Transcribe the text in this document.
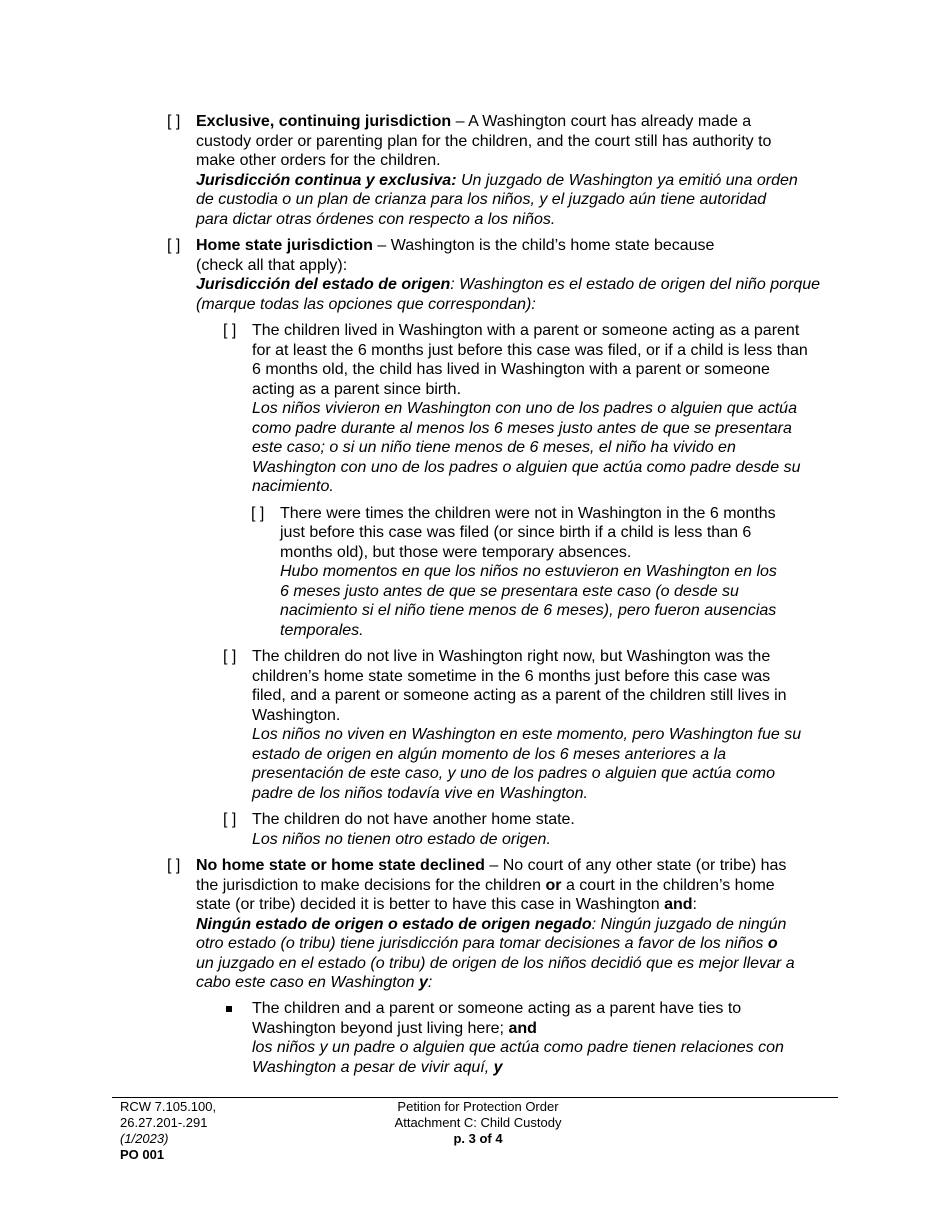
[ ] Exclusive, continuing jurisdiction – A Washington court has already made a
custody order or parenting plan for the children, and the court still has authority to
make other orders for the children.
Jurisdicción continua y exclusiva: Un juzgado de Washington ya emitió una orden
de custodia o un plan de crianza para los niños, y el juzgado aún tiene autoridad
para dictar otras órdenes con respecto a los niños.
[ ] Home state jurisdiction – Washington is the child’s home state because
(check all that apply):
Jurisdicción del estado de origen: Washington es el estado de origen del niño porque
(marque todas las opciones que correspondan):
[ ] The children lived in Washington with a parent or someone acting as a parent
for at least the 6 months just before this case was filed, or if a child is less than
6 months old, the child has lived in Washington with a parent or someone
acting as a parent since birth.
Los niños vivieron en Washington con uno de los padres o alguien que actúa
como padre durante al menos los 6 meses justo antes de que se presentara
este caso; o si un niño tiene menos de 6 meses, el niño ha vivido en
Washington con uno de los padres o alguien que actúa como padre desde su
nacimiento.
[ ] There were times the children were not in Washington in the 6 months
just before this case was filed (or since birth if a child is less than 6
months old), but those were temporary absences.
Hubo momentos en que los niños no estuvieron en Washington en los
6 meses justo antes de que se presentara este caso (o desde su
nacimiento si el niño tiene menos de 6 meses), pero fueron ausencias
temporales.
[ ] The children do not live in Washington right now, but Washington was the
children’s home state sometime in the 6 months just before this case was
filed, and a parent or someone acting as a parent of the children still lives in
Washington.
Los niños no viven en Washington en este momento, pero Washington fue su
estado de origen en algún momento de los 6 meses anteriores a la
presentación de este caso, y uno de los padres o alguien que actúa como
padre de los niños todavía vive en Washington.
[ ] The children do not have another home state.
Los niños no tienen otro estado de origen.
[ ] No home state or home state declined – No court of any other state (or tribe) has
the jurisdiction to make decisions for the children or a court in the children’s home
state (or tribe) decided it is better to have this case in Washington and:
Ningún estado de origen o estado de origen negado: Ningún juzgado de ningún
otro estado (o tribu) tiene jurisdicción para tomar decisiones a favor de los niños o
un juzgado en el estado (o tribu) de origen de los niños decidió que es mejor llevar a
cabo este caso en Washington y:
The children and a parent or someone acting as a parent have ties to
Washington beyond just living here; and
los niños y un padre o alguien que actúa como padre tienen relaciones con
Washington a pesar de vivir aquí, y
RCW 7.105.100,
26.27.201-.291
(1/2023)
PO 001
Petition for Protection Order
Attachment C: Child Custody
p. 3 of 4
